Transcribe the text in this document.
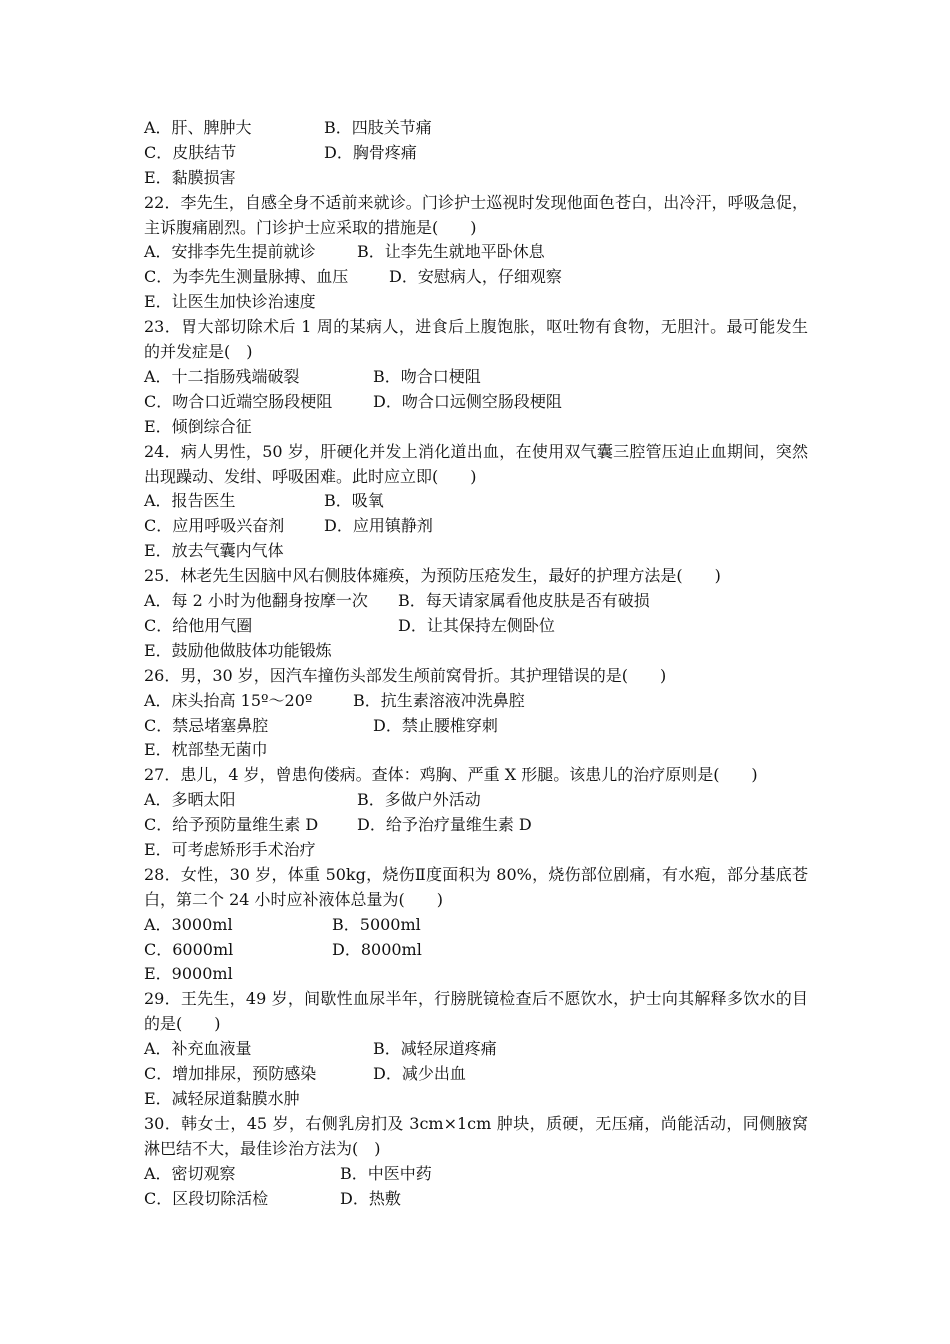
A．肝、脾肿大	B．四肢关节痛
C．皮肤结节	D．胸骨疼痛
E．黏膜损害
22．李先生，自感全身不适前来就诊。门诊护士巡视时发现他面色苍白，出冷汗，呼吸急促，主诉腹痛剧烈。门诊护士应采取的措施是(　　)
A．安排李先生提前就诊	B．让李先生就地平卧休息
C．为李先生测量脉搏、血压	D．安慰病人，仔细观察
E．让医生加快诊治速度
23．胃大部切除术后 1 周的某病人，进食后上腹饱胀，呕吐物有食物，无胆汁。最可能发生的并发症是(　)
A．十二指肠残端破裂	B．吻合口梗阻
C．吻合口近端空肠段梗阻	D．吻合口远侧空肠段梗阻
E．倾倒综合征
24．病人男性，50 岁，肝硬化并发上消化道出血，在使用双气囊三腔管压迫止血期间，突然出现躁动、发绀、呼吸困难。此时应立即(　　)
A．报告医生	B．吸氧
C．应用呼吸兴奋剂 D．应用镇静剂
E．放去气囊内气体
25．林老先生因脑中风右侧肢体瘫痪，为预防压疮发生，最好的护理方法是(　　)
A．每 2 小时为他翻身按摩一次 B．每天请家属看他皮肤是否有破损
C．给他用气圈	D．让其保持左侧卧位
E．鼓励他做肢体功能锻炼
26．男，30 岁，因汽车撞伤头部发生颅前窝骨折。其护理错误的是(　　)
A．床头抬高 15º～20º	B．抗生素溶液冲洗鼻腔
C．禁忌堵塞鼻腔	D．禁止腰椎穿刺
E．枕部垫无菌巾
27．患儿，4 岁，曾患佝偻病。查体：鸡胸、严重 X 形腿。该患儿的治疗原则是(　　)
A．多晒太阳	B．多做户外活动
C．给予预防量维生素 D D．给予治疗量维生素 D
E．可考虑矫形手术治疗
28．女性，30 岁，体重 50kg，烧伤Ⅱ度面积为 80%，烧伤部位剧痛，有水疱，部分基底苍白，第二个 24 小时应补液体总量为(　　)
A．3000ml	B．5000ml
C．6000ml	D．8000ml
E．9000ml
29．王先生，49 岁，间歇性血尿半年，行膀胱镜检查后不愿饮水，护士向其解释多饮水的目的是(　　)
A．补充血液量	B．减轻尿道疼痛
C．增加排尿，预防感染	D．减少出血
E．减轻尿道黏膜水肿
30．韩女士，45 岁，右侧乳房扪及 3cm×1cm 肿块，质硬，无压痛，尚能活动，同侧腋窝淋巴结不大，最佳诊治方法为(　)
A．密切观察	B．中医中药
C．区段切除活检	D．热敷
